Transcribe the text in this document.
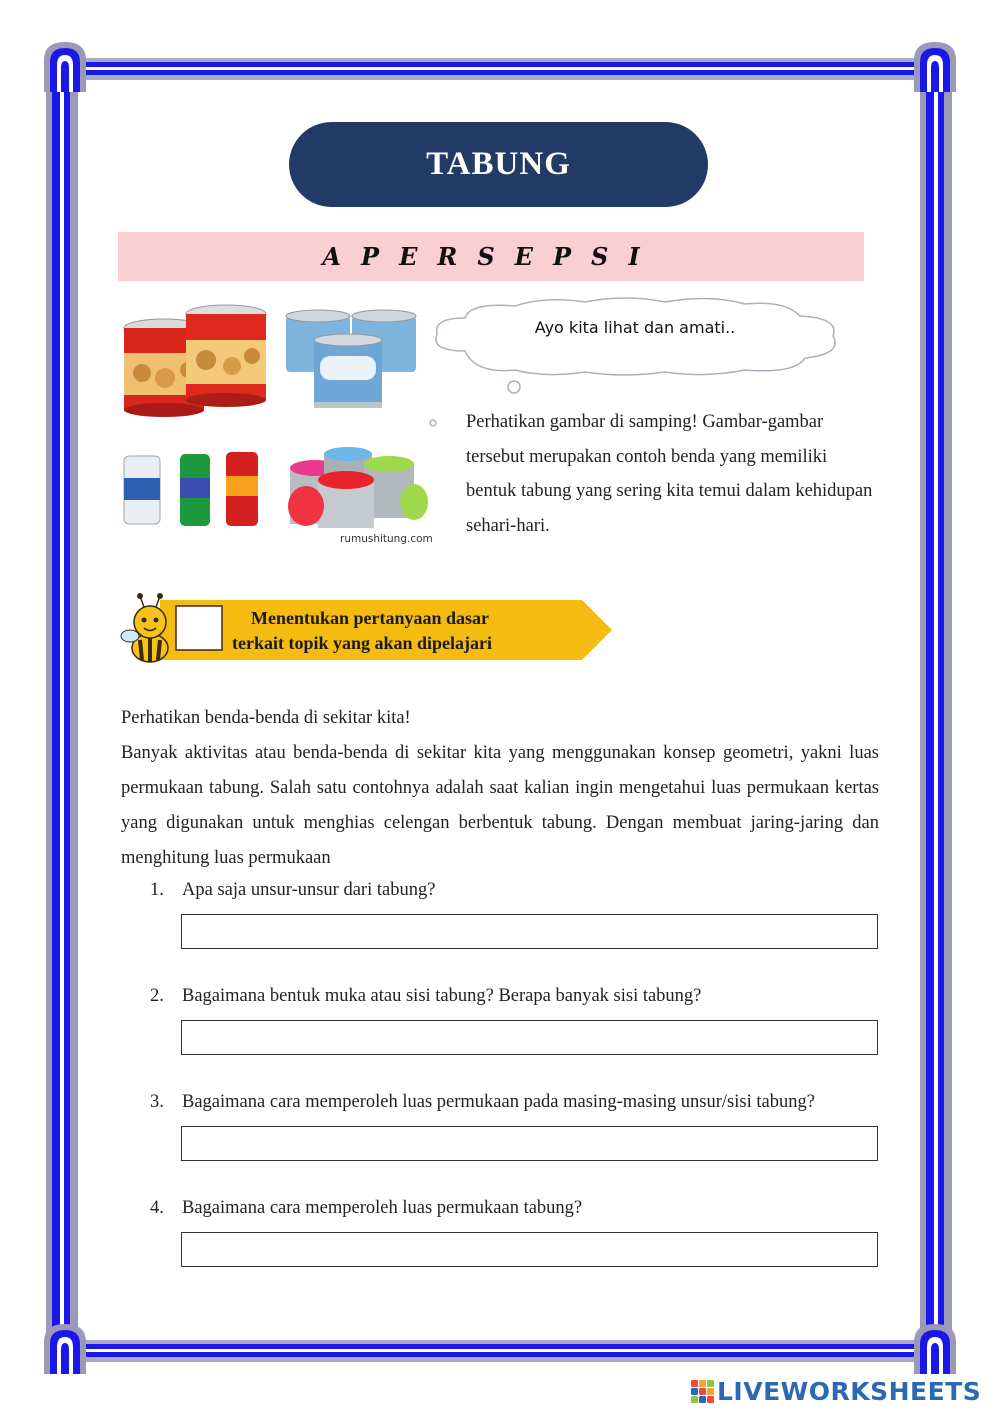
TABUNG
APERSEPSI
rumushitung.com
Ayo kita lihat dan amati..
Perhatikan gambar di samping! Gambar-gambar tersebut merupakan contoh benda yang memiliki bentuk tabung yang sering kita temui dalam kehidupan sehari-hari.
Menentukan pertanyaan dasar
terkait topik yang akan dipelajari

Perhatikan benda-benda di sekitar kita!

Banyak aktivitas atau benda-benda di sekitar kita yang menggunakan konsep geometri, yakni luas permukaan tabung. Salah satu contohnya adalah saat kalian ingin mengetahui luas permukaan kertas yang digunakan untuk menghias celengan berbentuk tabung. Dengan membuat jaring-jaring dan menghitung luas permukaan

1. Apa saja unsur-unsur dari tabung?
2. Bagaimana bentuk muka atau sisi tabung? Berapa banyak sisi tabung?
3. Bagaimana cara memperoleh luas permukaan pada masing-masing unsur/sisi tabung?
4. Bagaimana cara memperoleh luas permukaan tabung?
LIVEWORKSHEETS
